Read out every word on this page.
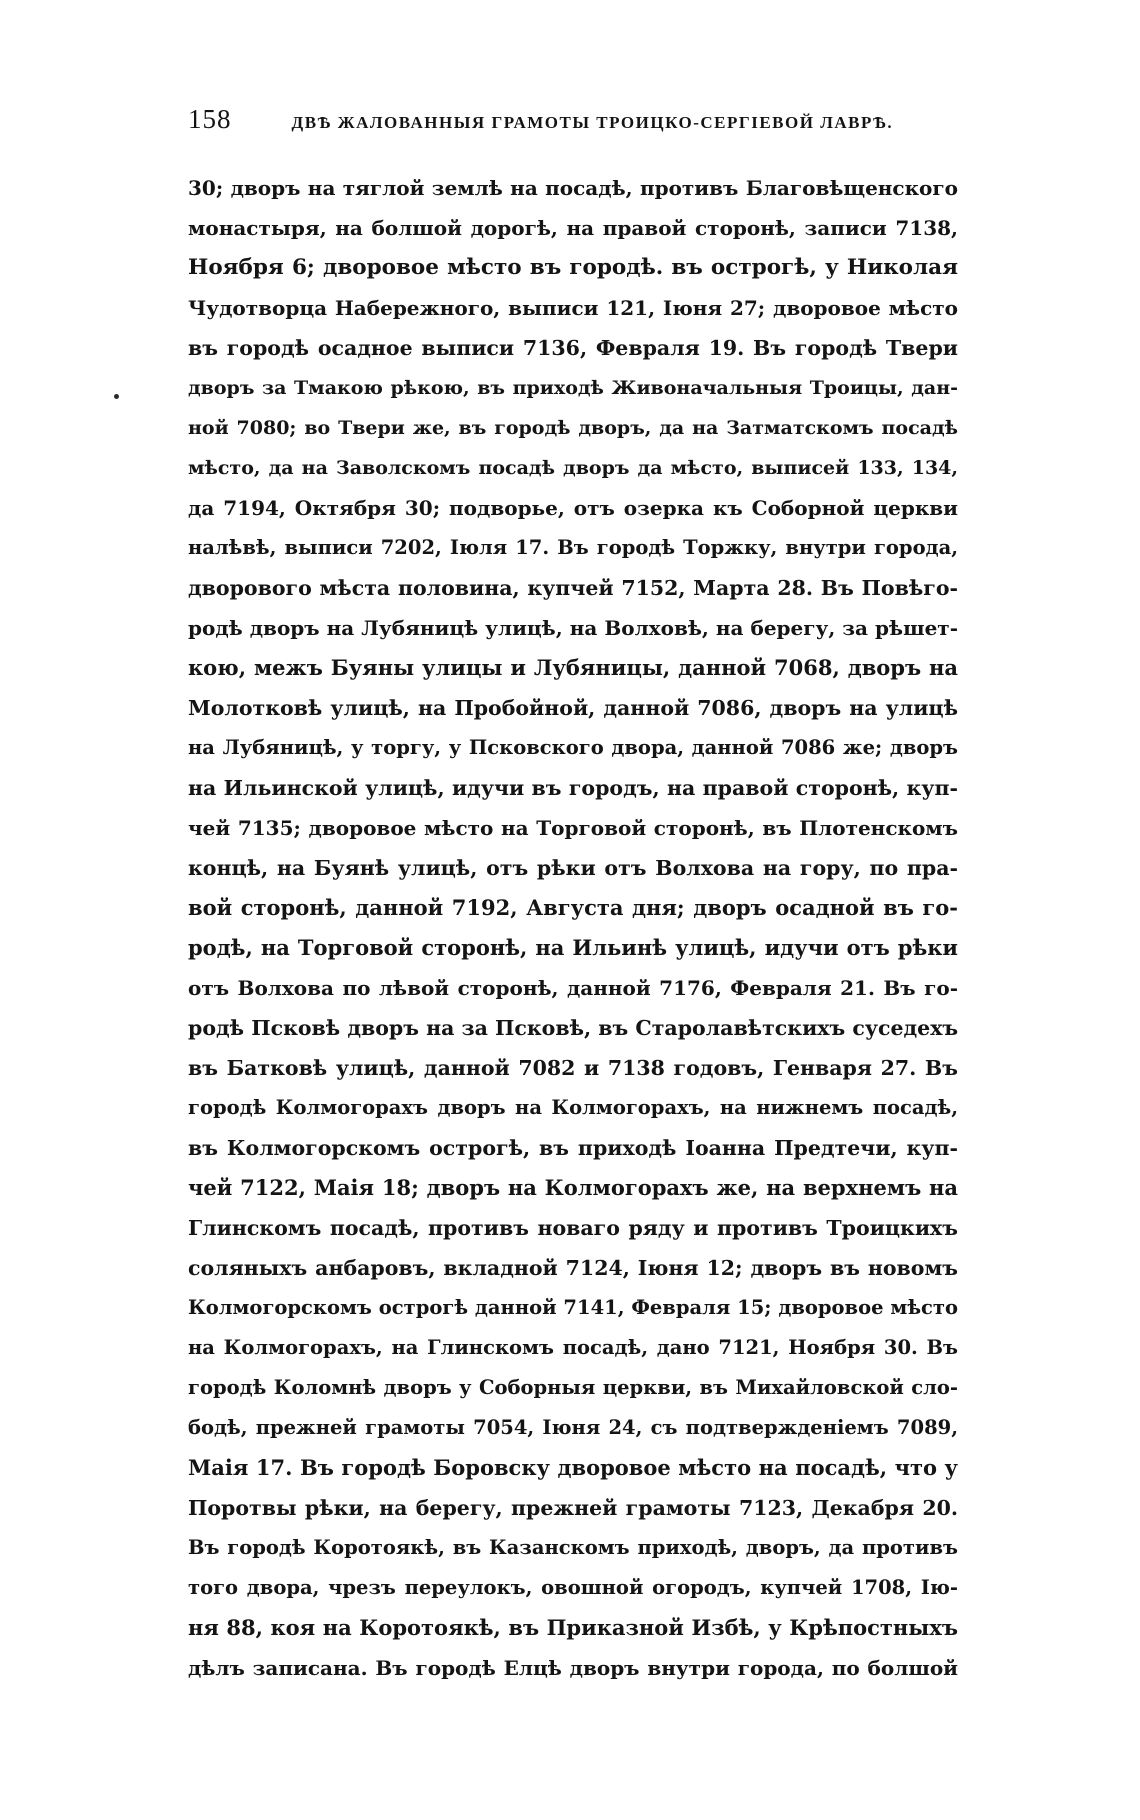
158	ДВѢ ЖАЛОВАННЫЯ ГРАМОТЫ ТРОИЦКО-СЕРГІЕВОЙ ЛАВРѢ.
30; дворъ на тяглой землѣ на посадѣ, противъ Благовѣщенского
монастыря, на болшой дорогѣ, на правой сторонѣ, записи 7138,
Ноября 6; дворовое мѣсто въ городѣ. въ острогѣ, у Николая
Чудотворца Набережного, выписи 121, Іюня 27; дворовое мѣсто
въ городѣ осадное выписи 7136, Февраля 19. Въ городѣ Твери
дворъ за Тмакою рѣкою, въ приходѣ Живоначальныя Троицы, дан-
ной 7080; во Твери же, въ городѣ дворъ, да на Затматскомъ посадѣ
мѣсто, да на Заволскомъ посадѣ дворъ да мѣсто, выписей 133, 134,
да 7194, Октября 30; подворье, отъ озерка къ Соборной церкви
налѣвѣ, выписи 7202, Іюля 17. Въ городѣ Торжку, внутри города,
дворового мѣста половина, купчей 7152, Марта 28. Въ Повѣго-
родѣ дворъ на Лубяницѣ улицѣ, на Волховѣ, на берегу, за рѣшет-
кою, межъ Буяны улицы и Лубяницы, данной 7068, дворъ на
Молотковѣ улицѣ, на Пробойной, данной 7086, дворъ на улицѣ
на Лубяницѣ, у торгу, у Псковского двора, данной 7086 же; дворъ
на Ильинской улицѣ, идучи въ городъ, на правой сторонѣ, куп-
чей 7135; дворовое мѣсто на Торговой сторонѣ, въ Плотенскомъ
концѣ, на Буянѣ улицѣ, отъ рѣки отъ Волхова на гору, по пра-
вой сторонѣ, данной 7192, Августа дня; дворъ осадной въ го-
родѣ, на Торговой сторонѣ, на Ильинѣ улицѣ, идучи отъ рѣки
отъ Волхова по лѣвой сторонѣ, данной 7176, Февраля 21. Въ го-
родѣ Псковѣ дворъ на за Псковѣ, въ Старолавѣтскихъ суседехъ
въ Батковѣ улицѣ, данной 7082 и 7138 годовъ, Генваря 27. Въ
городѣ Колмогорахъ дворъ на Колмогорахъ, на нижнемъ посадѣ,
въ Колмогорскомъ острогѣ, въ приходѣ Іоанна Предтечи, куп-
чей 7122, Маія 18; дворъ на Колмогорахъ же, на верхнемъ на
Глинскомъ посадѣ, противъ новаго ряду и противъ Троицкихъ
соляныхъ анбаровъ, вкладной 7124, Іюня 12; дворъ въ новомъ
Колмогорскомъ острогѣ данной 7141, Февраля 15; дворовое мѣсто
на Колмогорахъ, на Глинскомъ посадѣ, дано 7121, Ноября 30. Въ
городѣ Коломнѣ дворъ у Соборныя церкви, въ Михайловской сло-
бодѣ, прежней грамоты 7054, Іюня 24, съ подтвержденіемъ 7089,
Маія 17. Въ городѣ Боровску дворовое мѣсто на посадѣ, что у
Поротвы рѣки, на берегу, прежней грамоты 7123, Декабря 20.
Въ городѣ Коротоякѣ, въ Казанскомъ приходѣ, дворъ, да противъ
того двора, чрезъ переулокъ, овошной огородъ, купчей 1708, Ію-
ня 88, коя на Коротоякѣ, въ Приказной Избѣ, у Крѣпостныхъ
дѣлъ записана. Въ городѣ Елцѣ дворъ внутри города, по болшой
